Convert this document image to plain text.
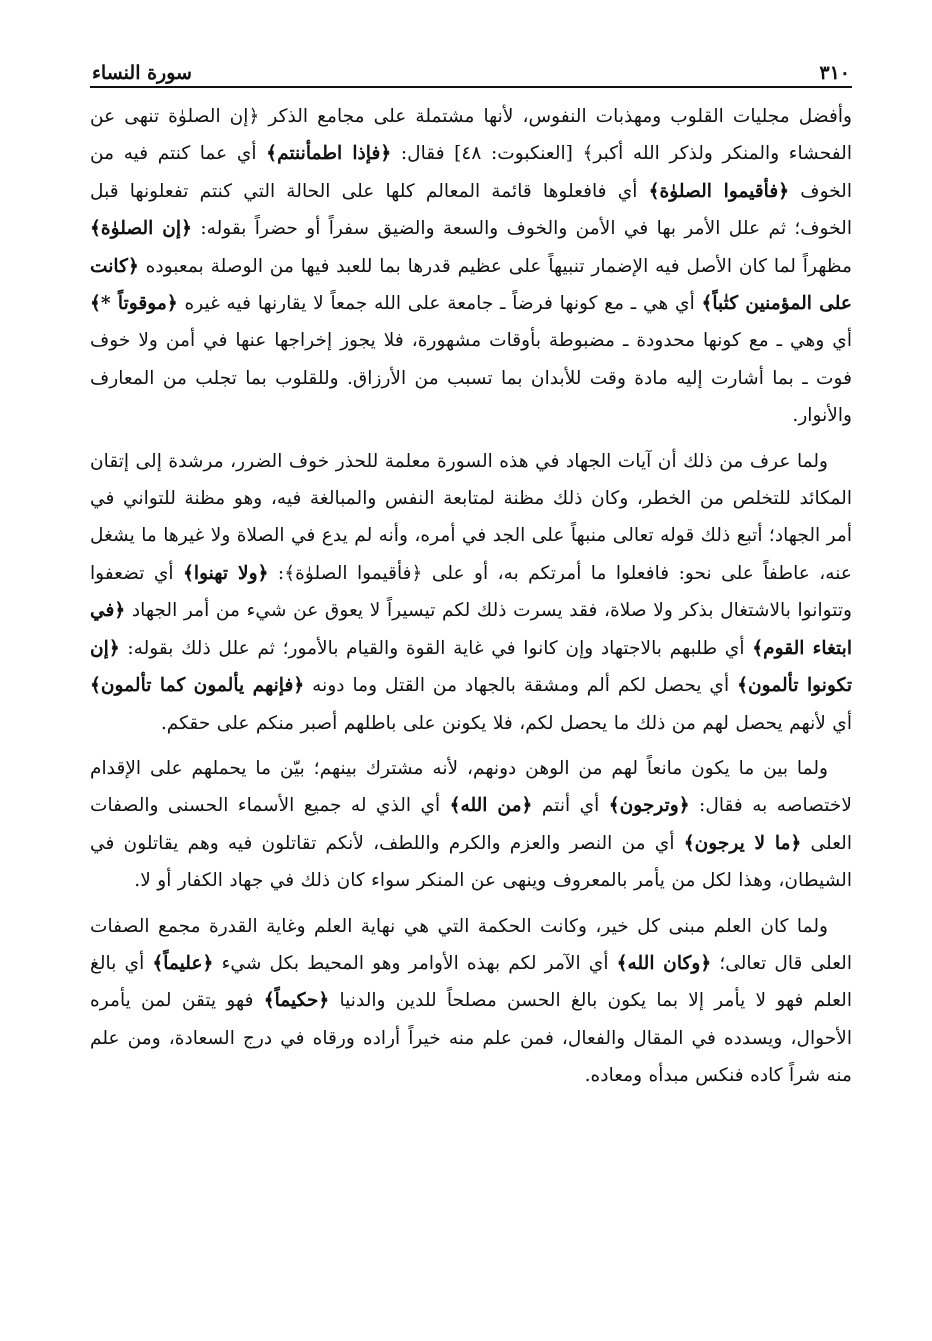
٣١٠
سورة النساء

وأفضل مجليات القلوب ومهذبات النفوس، لأنها مشتملة على مجامع الذكر ﴿إن الصلوٰة تنهى عن الفحشاء والمنكر ولذكر الله أكبر﴾ [العنكبوت: ٤٨] فقال: ﴿فإذا اطمأننتم﴾ أي عما كنتم فيه من الخوف ﴿فأقيموا الصلوٰة﴾ أي فافعلوها قائمة المعالم كلها على الحالة التي كنتم تفعلونها قبل الخوف؛ ثم علل الأمر بها في الأمن والخوف والسعة والضيق سفراً أو حضراً بقوله: ﴿إن الصلوٰة﴾ مظهراً لما كان الأصل فيه الإضمار تنبيهاً على عظيم قدرها بما للعبد فيها من الوصلة بمعبوده ﴿كانت على المؤمنين كتٰباً﴾ أي هي ـ مع كونها فرضاً ـ جامعة على الله جمعاً لا يقارنها فيه غيره ﴿موقوتاً *﴾ أي وهي ـ مع كونها محدودة ـ مضبوطة بأوقات مشهورة، فلا يجوز إخراجها عنها في أمن ولا خوف فوت ـ بما أشارت إليه مادة وقت للأبدان بما تسبب من الأرزاق. وللقلوب بما تجلب من المعارف والأنوار.

ولما عرف من ذلك أن آيات الجهاد في هذه السورة معلمة للحذر خوف الضرر، مرشدة إلى إتقان المكائد للتخلص من الخطر، وكان ذلك مظنة لمتابعة النفس والمبالغة فيه، وهو مظنة للتواني في أمر الجهاد؛ أتبع ذلك قوله تعالى منبهاً على الجد في أمره، وأنه لم يدع في الصلاة ولا غيرها ما يشغل عنه، عاطفاً على نحو: فافعلوا ما أمرتكم به، أو على ﴿فأقيموا الصلوٰة﴾: ﴿ولا تهنوا﴾ أي تضعفوا وتتوانوا بالاشتغال بذكر ولا صلاة، فقد يسرت ذلك لكم تيسيراً لا يعوق عن شيء من أمر الجهاد ﴿في ابتغاء القوم﴾ أي طلبهم بالاجتهاد وإن كانوا في غاية القوة والقيام بالأمور؛ ثم علل ذلك بقوله: ﴿إن تكونوا تألمون﴾ أي يحصل لكم ألم ومشقة بالجهاد من القتل وما دونه ﴿فإنهم يألمون كما تألمون﴾ أي لأنهم يحصل لهم من ذلك ما يحصل لكم، فلا يكونن على باطلهم أصبر منكم على حقكم.

ولما بين ما يكون مانعاً لهم من الوهن دونهم، لأنه مشترك بينهم؛ بيّن ما يحملهم على الإقدام لاختصاصه به فقال: ﴿وترجون﴾ أي أنتم ﴿من الله﴾ أي الذي له جميع الأسماء الحسنى والصفات العلى ﴿ما لا يرجون﴾ أي من النصر والعزم والكرم واللطف، لأنكم تقاتلون فيه وهم يقاتلون في الشيطان، وهذا لكل من يأمر بالمعروف وينهى عن المنكر سواء كان ذلك في جهاد الكفار أو لا.

ولما كان العلم مبنى كل خير، وكانت الحكمة التي هي نهاية العلم وغاية القدرة مجمع الصفات العلى قال تعالى؛ ﴿وكان الله﴾ أي الآمر لكم بهذه الأوامر وهو المحيط بكل شيء ﴿عليماً﴾ أي بالغ العلم فهو لا يأمر إلا بما يكون بالغ الحسن مصلحاً للدين والدنيا ﴿حكيماً﴾ فهو يتقن لمن يأمره الأحوال، ويسدده في المقال والفعال، فمن علم منه خيراً أراده ورقاه في درج السعادة، ومن علم منه شراً كاده فنكس مبدأه ومعاده.
